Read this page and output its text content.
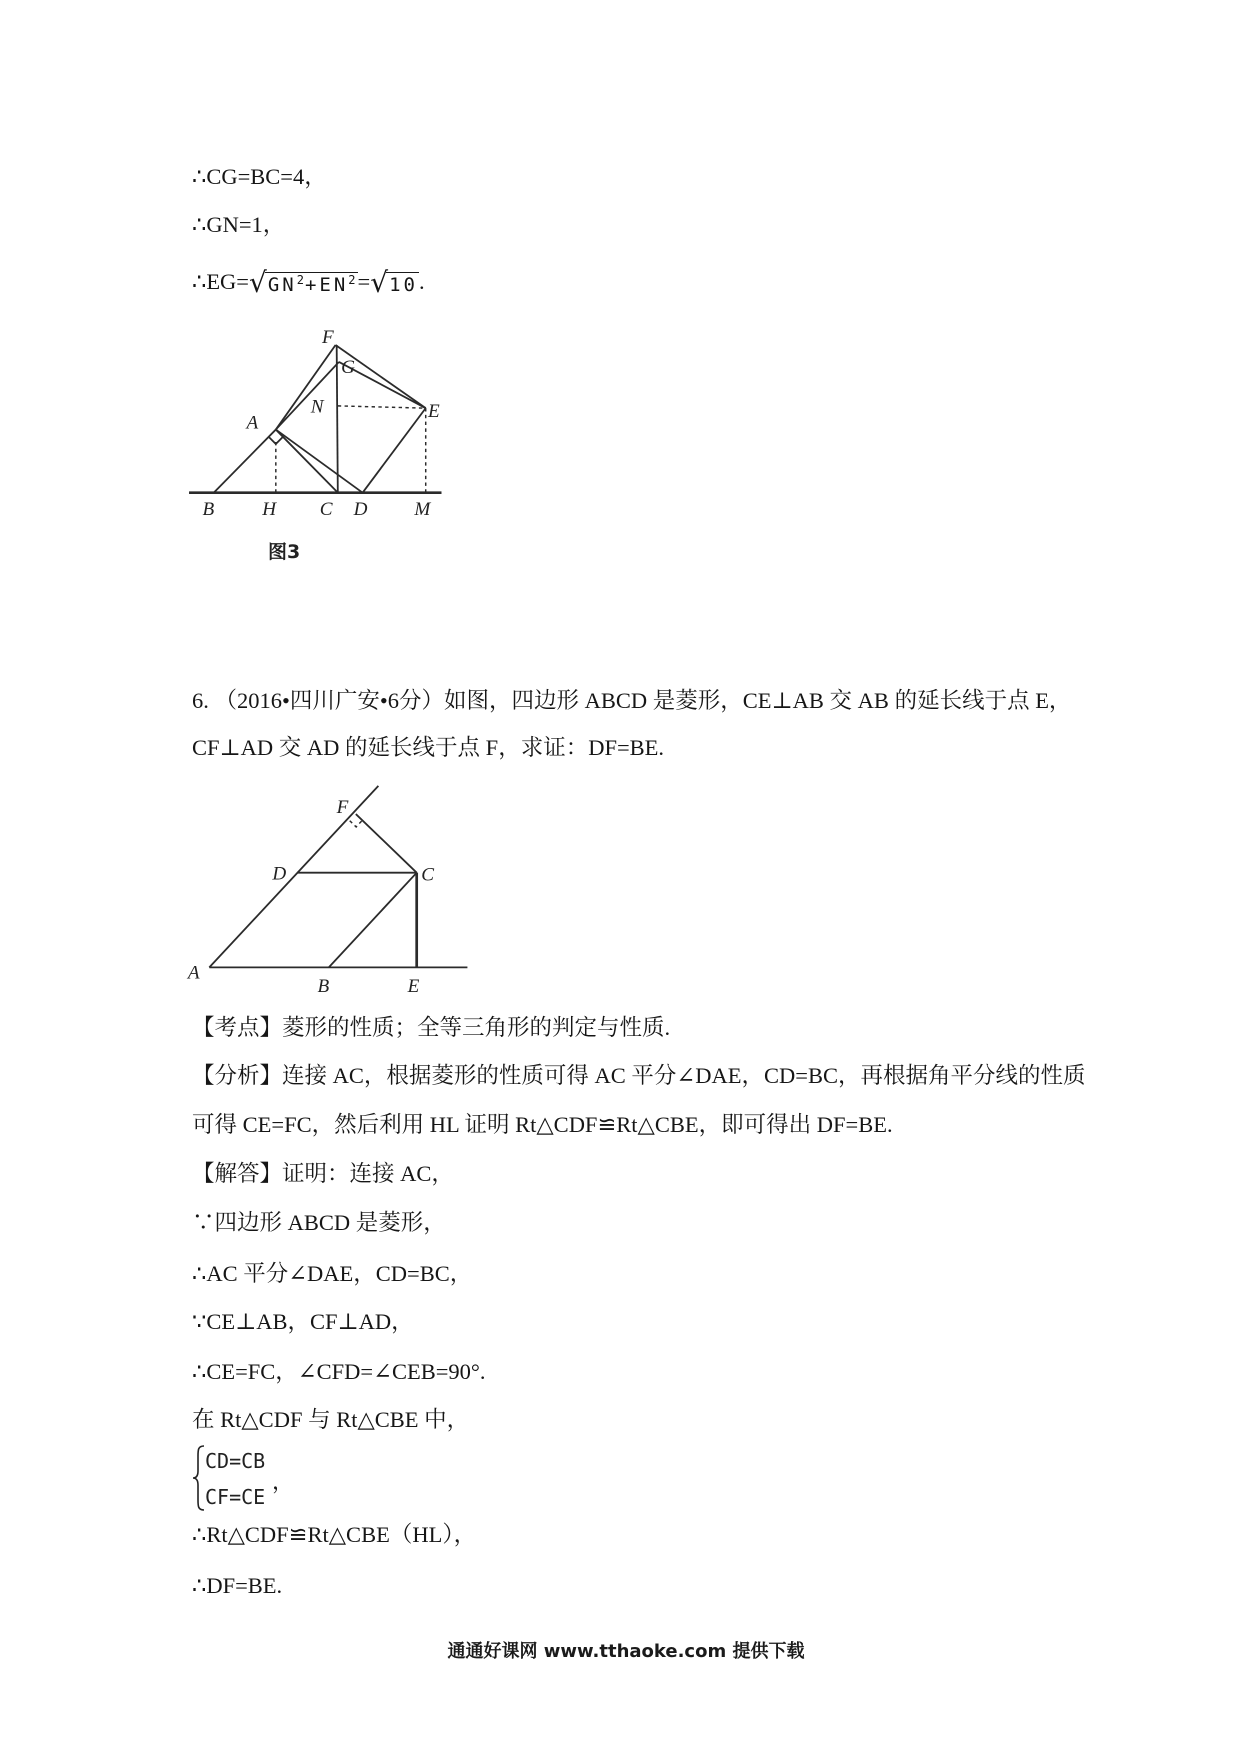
∴CG=BC=4，
∴GN=1，
$\therefore EG=√GN^2+EN^2=√10$.
F
G
N
A
E
B	H	C D	M
图3
6. （2016•四川广安•6分）如图，四边形 ABCD 是菱形，CE⊥AB 交 AB 的延长线于点 E，
CF⊥AD 交 AD 的延长线于点 F，求证：DF=BE.
F
D	C
A
B	E
【考点】菱形的性质；全等三角形的判定与性质.
【分析】连接 AC，根据菱形的性质可得 AC 平分∠DAE，CD=BC，再根据角平分线的性质
可得 CE=FC，然后利用 HL 证明 Rt△CDF≌Rt△CBE，即可得出 DF=BE.
【解答】证明：连接 AC，
∵四边形 ABCD 是菱形，
∴AC 平分∠DAE，CD=BC，
∵CE⊥AB，CF⊥AD，
∴CE=FC，∠CFD=∠CEB=90°.
在 Rt△CDF 与 Rt△CBE 中，
CD=CB
CF=CE
，
∴Rt△CDF≌Rt△CBE（HL），
∴DF=BE.
通通好课网 www.tthaoke.com 提供下载
